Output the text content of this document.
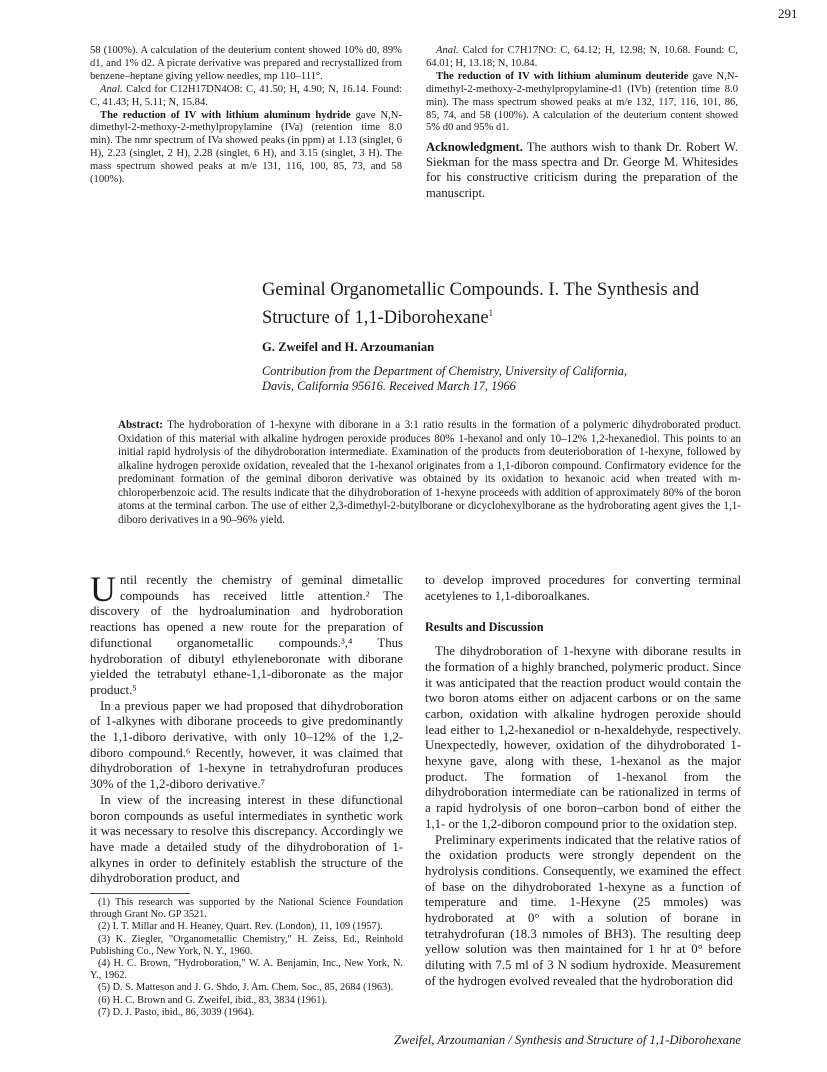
291

58 (100%). A calculation of the deuterium content showed 10% d0, 89% d1, and 1% d2. A picrate derivative was prepared and recrystallized from benzene–heptane giving yellow needles, mp 110–111°.

Anal. Calcd for C12H17DN4O8: C, 41.50; H, 4.90; N, 16.14. Found: C, 41.43; H, 5.11; N, 15.84.

The reduction of IV with lithium aluminum hydride gave N,N-dimethyl-2-methoxy-2-methylpropylamine (IVa) (retention time 8.0 min). The nmr spectrum of IVa showed peaks (in ppm) at 1.13 (singlet, 6 H), 2.23 (singlet, 2 H), 2.28 (singlet, 6 H), and 3.15 (singlet, 3 H). The mass spectrum showed peaks at m/e 131, 116, 100, 85, 73, and 58 (100%).

Anal. Calcd for C7H17NO: C, 64.12; H, 12.98; N, 10.68. Found: C, 64.01; H, 13.18; N, 10.84.

The reduction of IV with lithium aluminum deuteride gave N,N-dimethyl-2-methoxy-2-methylpropylamine-d1 (IVb) (retention time 8.0 min). The mass spectrum showed peaks at m/e 132, 117, 116, 101, 86, 85, 74, and 58 (100%). A calculation of the deuterium content showed 5% d0 and 95% d1.

Acknowledgment. The authors wish to thank Dr. Robert W. Siekman for the mass spectra and Dr. George M. Whitesides for his constructive criticism during the preparation of the manuscript.
Geminal Organometallic Compounds. I. The Synthesis and
Structure of 1,1-Diborohexane$^1$
G. Zweifel and H. Arzoumanian
Contribution from the Department of Chemistry, University of California,
Davis, California 95616. Received March 17, 1966
Abstract: The hydroboration of 1-hexyne with diborane in a 3:1 ratio results in the formation of a polymeric dihydroborated product. Oxidation of this material with alkaline hydrogen peroxide produces 80% 1-hexanol and only 10–12% 1,2-hexanediol. This points to an initial rapid hydrolysis of the dihydroboration intermediate. Examination of the products from deuterioboration of 1-hexyne, followed by alkaline hydrogen peroxide oxidation, revealed that the 1-hexanol originates from a 1,1-diboron compound. Confirmatory evidence for the predominant formation of the geminal diboron derivative was obtained by its oxidation to hexanoic acid when treated with m-chloroperbenzoic acid. The results indicate that the dihydroboration of 1-hexyne proceeds with addition of approximately 80% of the boron atoms at the terminal carbon. The use of either 2,3-dimethyl-2-butylborane or dicyclohexylborane as the hydroborating agent gives the 1,1-diboro derivatives in a 90–96% yield.

Until recently the chemistry of geminal dimetallic compounds has received little attention.² The discovery of the hydroalumination and hydroboration reactions has opened a new route for the preparation of difunctional organometallic compounds.³,⁴ Thus hydroboration of dibutyl ethyleneboronate with diborane yielded the tetrabutyl ethane-1,1-diboronate as the major product.⁵

In a previous paper we had proposed that dihydroboration of 1-alkynes with diborane proceeds to give predominantly the 1,1-diboro derivative, with only 10–12% of the 1,2-diboro compound.⁶ Recently, however, it was claimed that dihydroboration of 1-hexyne in tetrahydrofuran produces 30% of the 1,2-diboro derivative.⁷

In view of the increasing interest in these difunctional boron compounds as useful intermediates in synthetic work it was necessary to resolve this discrepancy. Accordingly we have made a detailed study of the dihydroboration of 1-alkynes in order to definitely establish the structure of the dihydroboration product, and

(1) This research was supported by the National Science Foundation through Grant No. GP 3521.

(2) I. T. Millar and H. Heaney, Quart. Rev. (London), 11, 109 (1957).

(3) K. Ziegler, "Organometallic Chemistry," H. Zeiss, Ed., Reinhold Publishing Co., New York, N. Y., 1960.

(4) H. C. Brown, "Hydroboration," W. A. Benjamin, Inc., New York, N. Y., 1962.

(5) D. S. Matteson and J. G. Shdo, J. Am. Chem. Soc., 85, 2684 (1963).

(6) H. C. Brown and G. Zweifel, ibid., 83, 3834 (1961).

(7) D. J. Pasto, ibid., 86, 3039 (1964).

to develop improved procedures for converting terminal acetylenes to 1,1-diboroalkanes.

Results and Discussion

The dihydroboration of 1-hexyne with diborane results in the formation of a highly branched, polymeric product. Since it was anticipated that the reaction product would contain the two boron atoms either on adjacent carbons or on the same carbon, oxidation with alkaline hydrogen peroxide should lead either to 1,2-hexanediol or n-hexaldehyde, respectively. Unexpectedly, however, oxidation of the dihydroborated 1-hexyne gave, along with these, 1-hexanol as the major product. The formation of 1-hexanol from the dihydroboration intermediate can be rationalized in terms of a rapid hydrolysis of one boron–carbon bond of either the 1,1- or the 1,2-diboron compound prior to the oxidation step.

Preliminary experiments indicated that the relative ratios of the oxidation products were strongly dependent on the hydrolysis conditions. Consequently, we examined the effect of base on the dihydroborated 1-hexyne as a function of temperature and time. 1-Hexyne (25 mmoles) was hydroborated at 0° with a solution of borane in tetrahydrofuran (18.3 mmoles of BH3). The resulting deep yellow solution was then maintained for 1 hr at 0° before diluting with 7.5 ml of 3 N sodium hydroxide. Measurement of the hydrogen evolved revealed that the hydroboration did

Zweifel, Arzoumanian / Synthesis and Structure of 1,1-Diborohexane
